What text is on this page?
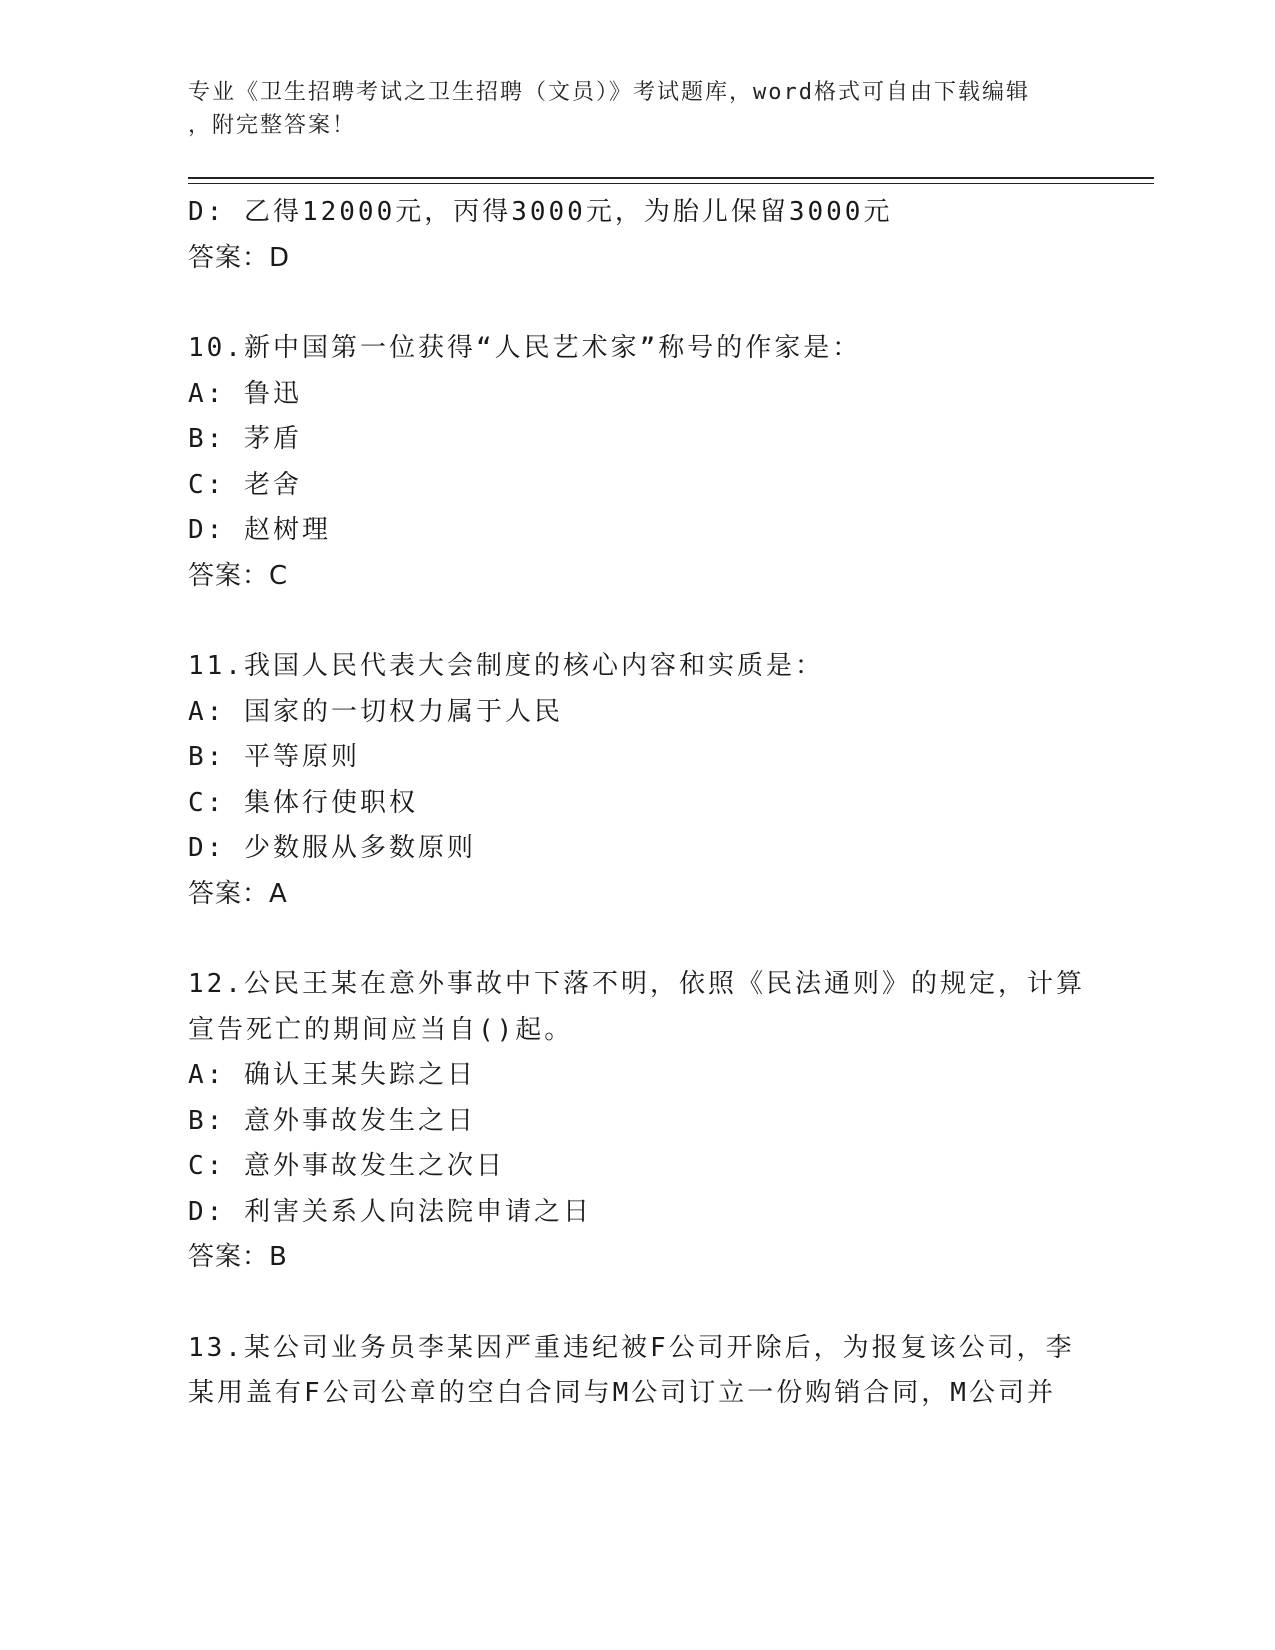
专业《卫生招聘考试之卫生招聘（文员）》考试题库，word格式可自由下载编辑
，附完整答案！
D: 乙得12000元，丙得3000元，为胎儿保留3000元
答案：D
10.新中国第一位获得“人民艺术家”称号的作家是：
A: 鲁迅
B: 茅盾
C: 老舍
D: 赵树理
答案：C
11.我国人民代表大会制度的核心内容和实质是：
A: 国家的一切权力属于人民
B: 平等原则
C: 集体行使职权
D: 少数服从多数原则
答案：A
12.公民王某在意外事故中下落不明，依照《民法通则》的规定，计算
宣告死亡的期间应当自()起。
A: 确认王某失踪之日
B: 意外事故发生之日
C: 意外事故发生之次日
D: 利害关系人向法院申请之日
答案：B
13.某公司业务员李某因严重违纪被F公司开除后，为报复该公司，李
某用盖有F公司公章的空白合同与M公司订立一份购销合同，M公司并
